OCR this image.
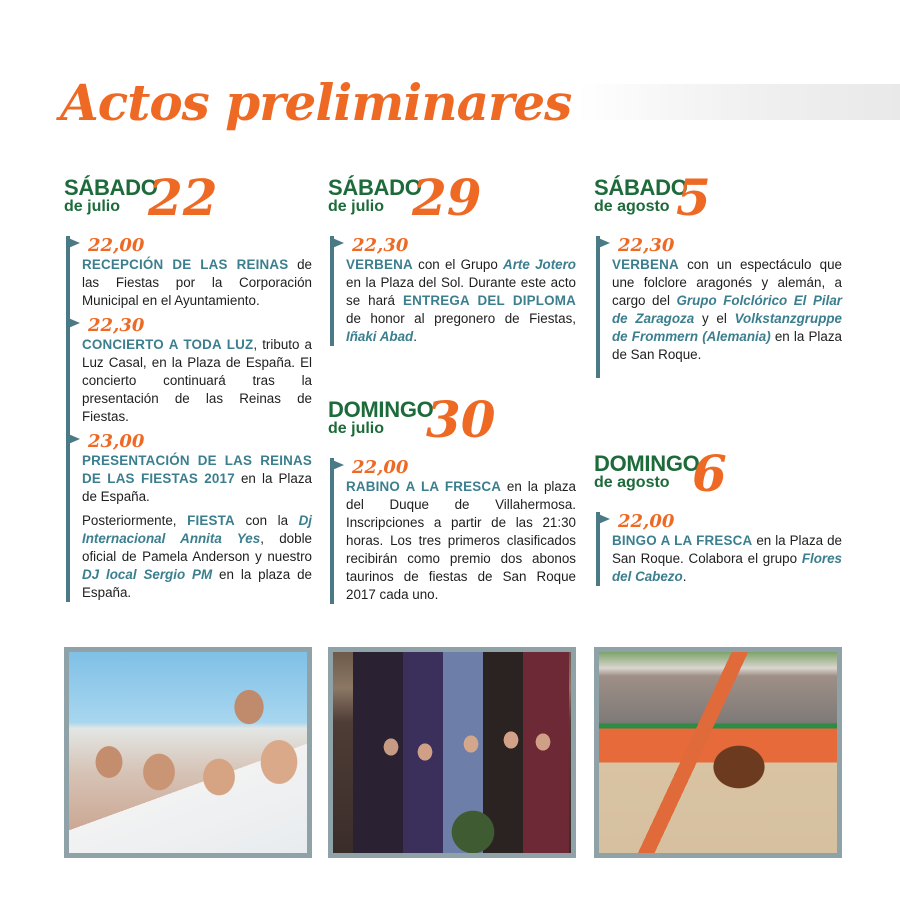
Actos preliminares
SÁBADO
de julio 22
22,00
RECEPCIÓN DE LAS REINAS de las Fiestas por la Corporación Municipal en el Ayuntamiento.
22,30
CONCIERTO A TODA LUZ, tributo a Luz Casal, en la Plaza de España. El concierto continuará tras la presentación de las Reinas de Fiestas.
23,00
PRESENTACIÓN DE LAS REINAS DE LAS FIESTAS 2017 en la Plaza de España.
Posteriormente, FIESTA con la Dj Internacional Annita Yes, doble oficial de Pamela Anderson y nuestro DJ local Sergio PM en la plaza de España.
SÁBADO
de julio 29
22,30
VERBENA con el Grupo Arte Jotero en la Plaza del Sol. Durante este acto se hará ENTREGA DEL DIPLOMA de honor al pregonero de Fiestas, Iñaki Abad.
DOMINGO
de julio 30
22,00
RABINO A LA FRESCA en la plaza del Duque de Villahermosa. Inscripciones a partir de las 21:30 horas. Los tres primeros clasificados recibirán como premio dos abonos taurinos de fiestas de San Roque 2017 cada uno.
SÁBADO
de agosto 5
22,30
VERBENA con un espectáculo que une folclore aragonés y alemán, a cargo del Grupo Folclórico El Pilar de Zaragoza y el Volkstanzgruppe de Frommern (Alemania) en la Plaza de San Roque.
DOMINGO
de agosto 6
22,00
BINGO A LA FRESCA en la Plaza de San Roque. Colabora el grupo Flores del Cabezo.
